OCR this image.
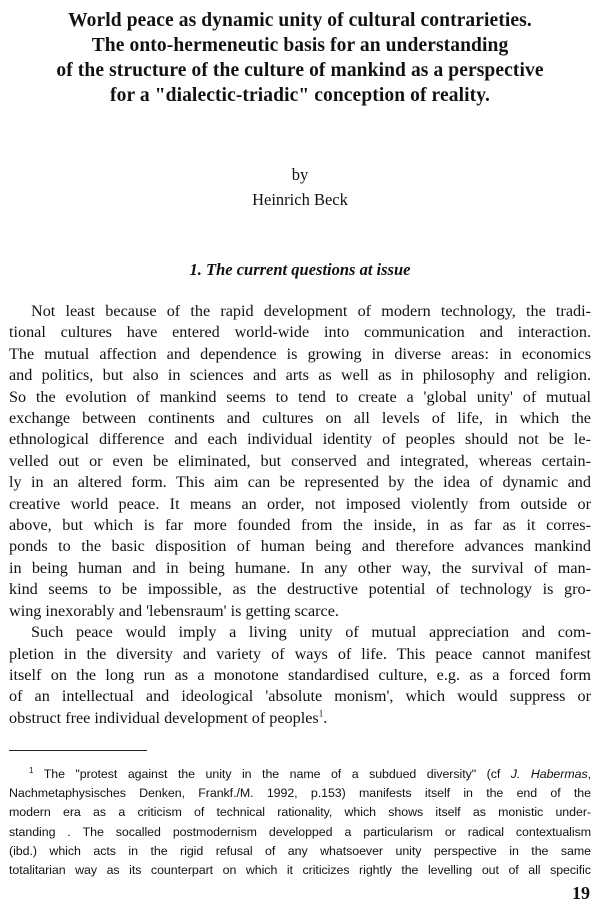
World peace as dynamic unity of cultural contrarieties.
The onto-hermeneutic basis for an understanding
of the structure of the culture of mankind as a perspective
for a "dialectic-triadic" conception of reality.
by
Heinrich Beck
1. The current questions at issue

Not least because of the rapid development of modern technology, the tradi-
tional cultures have entered world-wide into communication and interaction.
The mutual affection and dependence is growing in diverse areas: in economics
and politics, but also in sciences and arts as well as in philosophy and religion.
So the evolution of mankind seems to tend to create a 'global unity' of mutual
exchange between continents and cultures on all levels of life, in which the
ethnological difference and each individual identity of peoples should not be le-
velled out or even be eliminated, but conserved and integrated, whereas certain-
ly in an altered form. This aim can be represented by the idea of dynamic and
creative world peace. It means an order, not imposed violently from outside or
above, but which is far more founded from the inside, in as far as it corres-
ponds to the basic disposition of human being and therefore advances mankind
in being human and in being humane. In any other way, the survival of man-
kind seems to be impossible, as the destructive potential of technology is gro-
wing inexorably and 'lebensraum' is getting scarce.

Such peace would imply a living unity of mutual appreciation and com-
pletion in the diversity and variety of ways of life. This peace cannot manifest
itself on the long run as a monotone standardised culture, e.g. as a forced form
of an intellectual and ideological 'absolute monism', which would suppress or
obstruct free individual development of peoples$^1$.

$^1$ The "protest against the unity in the name of a subdued diversity" (cf J. Habermas,
Nachmetaphysisches Denken, Frankf./M. 1992, p.153) manifests itself in the end of the
modern era as a criticism of technical rationality, which shows itself as monistic under-
standing . The socalled postmodernism developped a particularism or radical contextualism
(ibd.) which acts in the rigid refusal of any whatsoever unity perspective in the same
totalitarian way as its counterpart on which it criticizes rightly the levelling out of all specific
19
